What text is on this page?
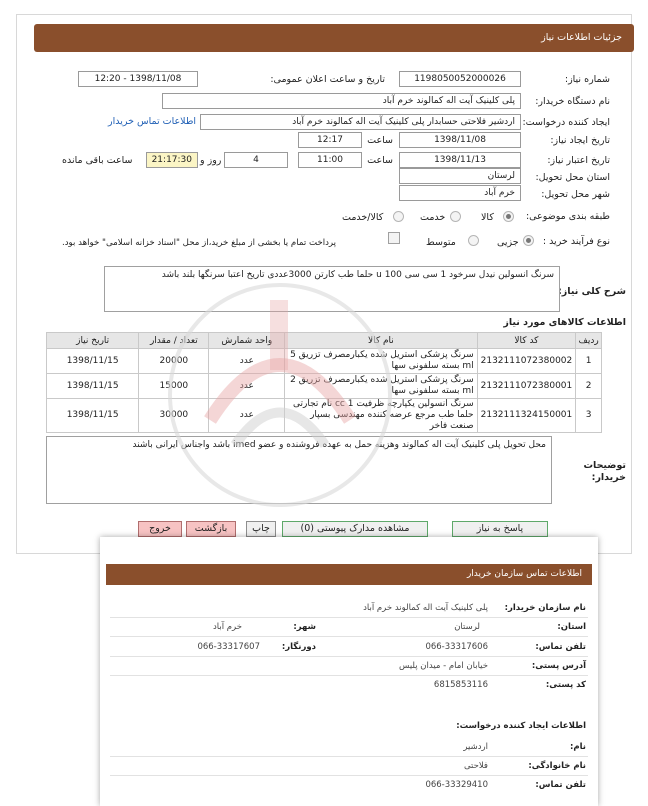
جزئیات اطلاعات نیاز
شماره نیاز:
1198050052000026
تاریخ و ساعت اعلان عمومی:
1398/11/08 - 12:20
نام دستگاه خریدار:
پلی کلینیک آیت اله کمالوند خرم آباد
ایجاد کننده درخواست:
اردشیر فلاحتی حسابدار پلی کلینیک آیت اله کمالوند خرم آباد
اطلاعات تماس خریدار
تاریخ ایجاد نیاز:
1398/11/08
ساعت
12:17
تاریخ اعتبار نیاز:
1398/11/13
ساعت
11:00
4
روز و
21:17:30
ساعت باقی مانده
استان محل تحویل:
لرستان
شهر محل تحویل:
خرم آباد
طبقه بندی موضوعی:
کالا
خدمت
کالا/خدمت
نوع فرآیند خرید :
جزیی
متوسط
پرداخت تمام یا بخشی از مبلغ خرید،از محل "اسناد خزانه اسلامی" خواهد بود.
شرح کلی نیاز:
سرنگ انسولین نیدل سرخود 1 سی سی 100 u حلما طب کارتن 3000عددی تاریخ اعتبا سرنگها بلند باشد
اطلاعات کالاهای مورد نیاز
ردیف	کد کالا	نام کالا	واحد شمارش	تعداد / مقدار	تاریخ نیاز
1	2132111072380002	سرنگ پزشکی استریل شده یکبارمصرف تزریق 5 ml بسته سلفونی سها	عدد	20000	1398/11/15
2	2132111072380001	سرنگ پزشکی استریل شده یکبارمصرف تزریق 2 ml بسته سلفونی سها	عدد	15000	1398/11/15
3	2132111324150001	سرنگ انسولین یکپارچه ظرفیت 1 cc نام تجارتی حلما طب مرجع عرضه کننده مهندسی بسپار صنعت فاخر	عدد	30000	1398/11/15
توضیحات خریدار:
محل تحویل پلی کلینیک آیت اله کمالوند وهزینه حمل به عهده فروشنده و عضو imed باشد واجناس ایرانی باشند
پاسخ به نیاز
مشاهده مدارک پیوستی (0)
چاپ
بازگشت
خروج
اطلاعات تماس سازمان خریدار
نام سازمان خریدار:
پلی کلینیک آیت اله کمالوند خرم آباد
استان:
لرستان
شهر:
خرم آباد
تلفن تماس:
066-33317606
دورنگار:
066-33317607
آدرس پستی:
خیابان امام - میدان پلیس
کد پستی:
6815853116
اطلاعات ایجاد کننده درخواست:
نام:
اردشیر
نام خانوادگی:
فلاحتی
تلفن تماس:
066-33329410
